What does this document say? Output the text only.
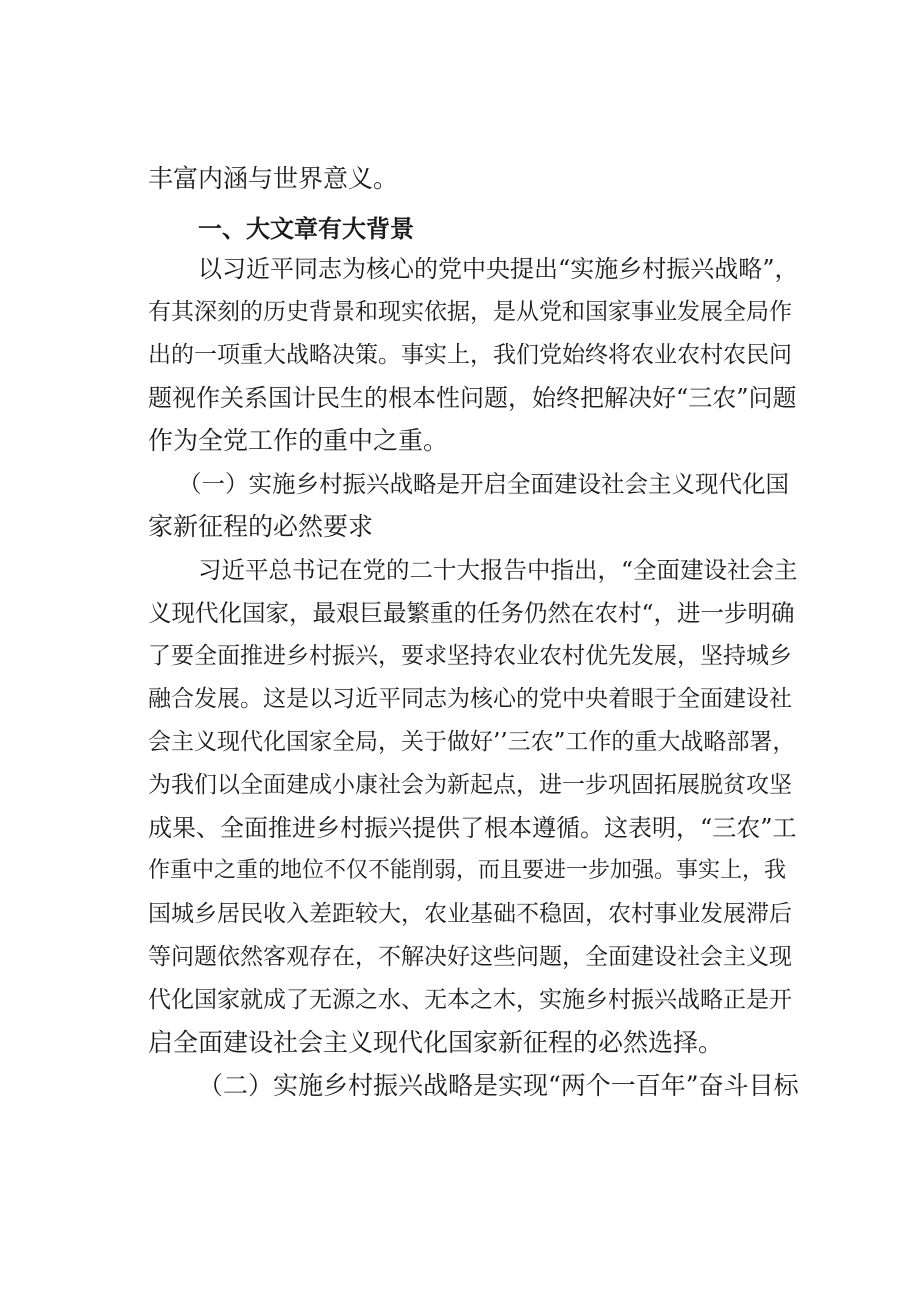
丰富内涵与世界意义。
一、大文章有大背景
以习近平同志为核心的党中央提出“实施乡村振兴战略”，
有其深刻的历史背景和现实依据，是从党和国家事业发展全局作
出的一项重大战略决策。事实上，我们党始终将农业农村农民问
题视作关系国计民生的根本性问题，始终把解决好“三农”问题
作为全党工作的重中之重。
（一）实施乡村振兴战略是开启全面建设社会主义现代化国
家新征程的必然要求
习近平总书记在党的二十大报告中指出，“全面建设社会主
义现代化国家，最艰巨最繁重的任务仍然在农村“，进一步明确
了要全面推进乡村振兴，要求坚持农业农村优先发展，坚持城乡
融合发展。这是以习近平同志为核心的党中央着眼于全面建设社
会主义现代化国家全局，关于做好’’三农”工作的重大战略部署，
为我们以全面建成小康社会为新起点，进一步巩固拓展脱贫攻坚
成果、全面推进乡村振兴提供了根本遵循。这表明，“三农”工
作重中之重的地位不仅不能削弱，而且要进一步加强。事实上，我
国城乡居民收入差距较大，农业基础不稳固，农村事业发展滞后
等问题依然客观存在，不解决好这些问题，全面建设社会主义现
代化国家就成了无源之水、无本之木，实施乡村振兴战略正是开
启全面建设社会主义现代化国家新征程的必然选择。
（二）实施乡村振兴战略是实现“两个一百年”奋斗目标
